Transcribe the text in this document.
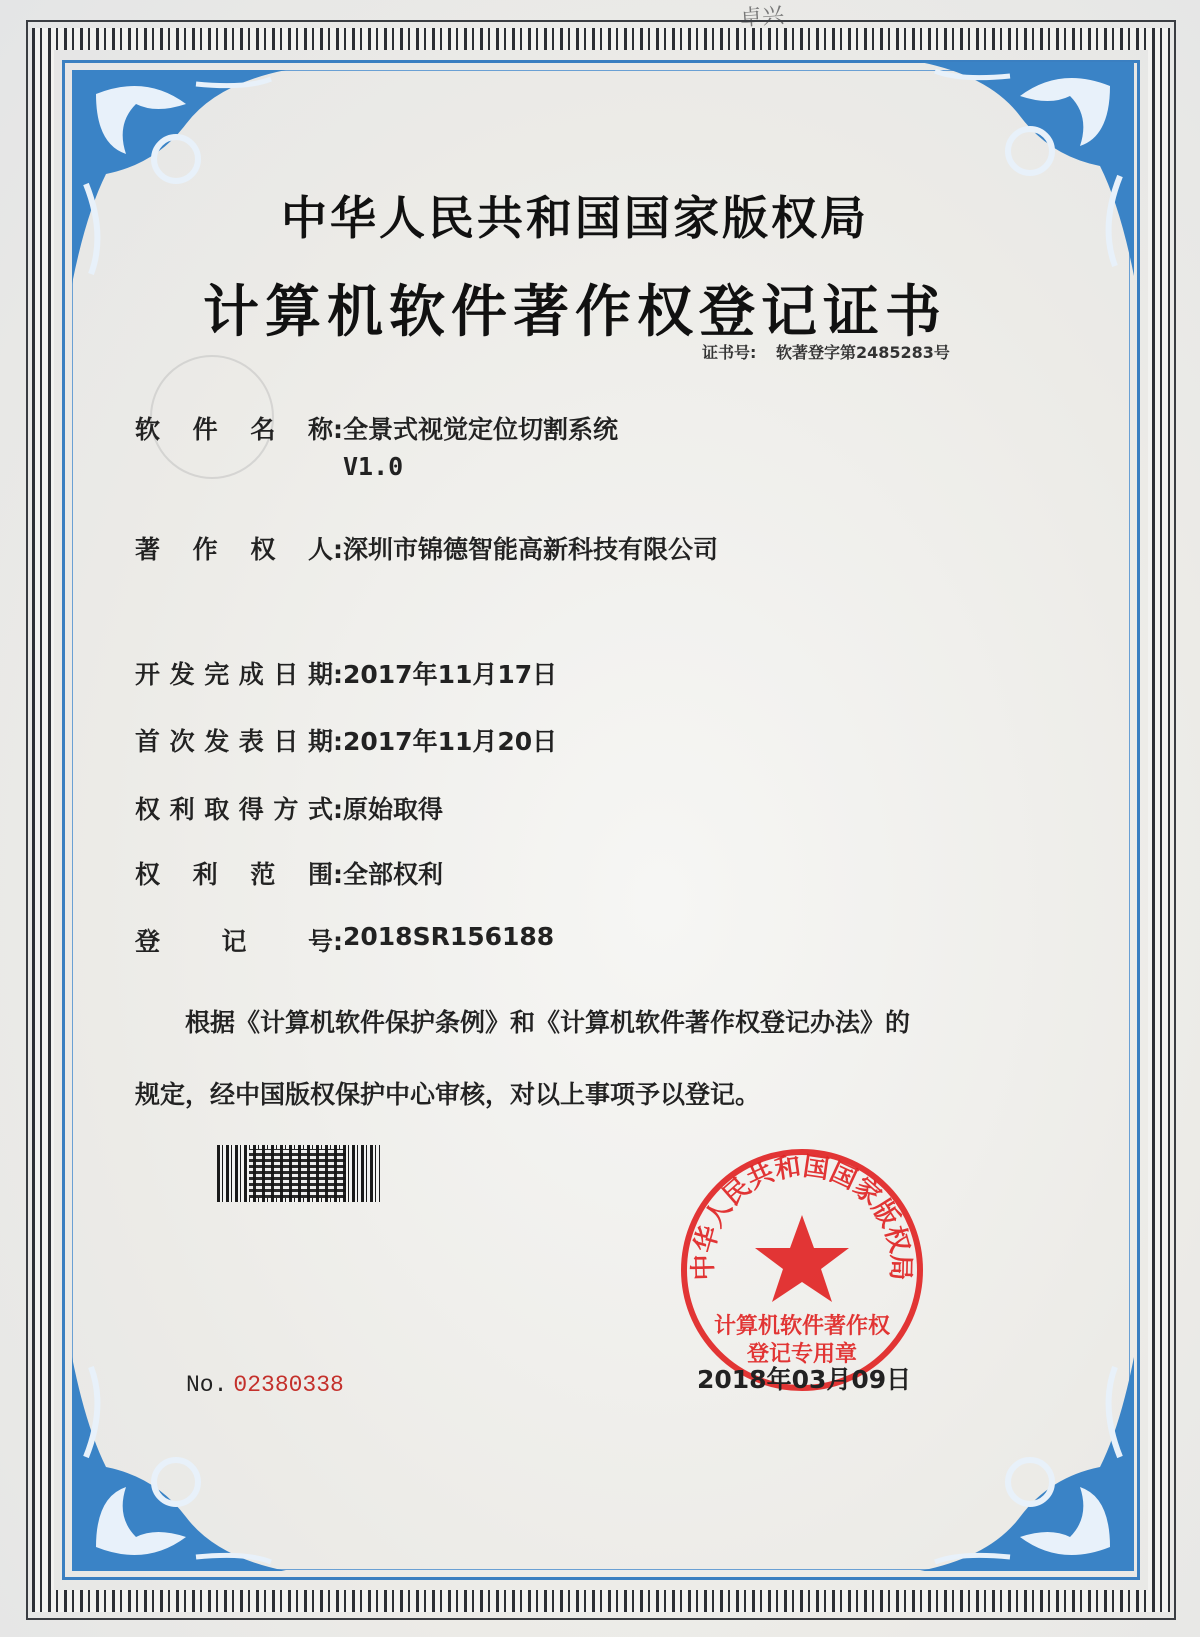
卓兴
中华人民共和国国家版权局
计算机软件著作权登记证书
证书号: 软著登字第2485283号
软 件 名 称: 全景式视觉定位切割系统
V1.0
著 作 权 人: 深圳市锦德智能高新科技有限公司
开 发 完 成 日 期: 2017年11月17日
首 次 发 表 日 期: 2017年11月20日
权 利 取 得 方 式: 原始取得
权 利 范 围: 全部权利
登 记 号: 2018SR156188
根据《计算机软件保护条例》和《计算机软件著作权登记办法》的
规定，经中国版权保护中心审核，对以上事项予以登记。
中华人民共和国国家版权局
计算机软件著作权
登记专用章
No. 02380338	2018年03月09日
